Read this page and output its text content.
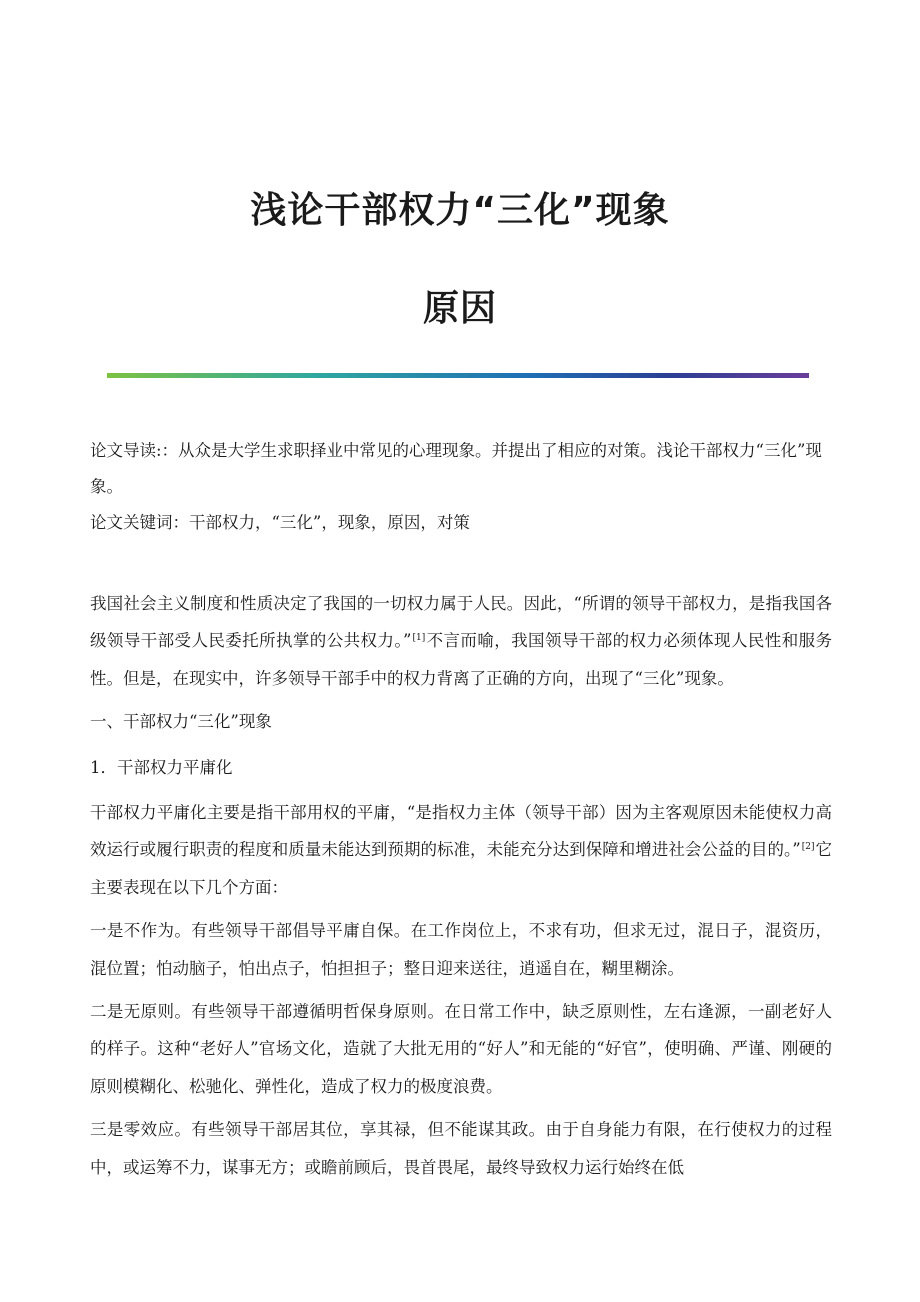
浅论干部权力“三化”现象
原因

论文导读:：从众是大学生求职择业中常见的心理现象。并提出了相应的对策。浅论干部权力“三化”现象。

论文关键词：干部权力，“三化”，现象，原因，对策

我国社会主义制度和性质决定了我国的一切权力属于人民。因此，“所谓的领导干部权力，是指我国各级领导干部受人民委托所执掌的公共权力。”[1]不言而喻，我国领导干部的权力必须体现人民性和服务性。但是，在现实中，许多领导干部手中的权力背离了正确的方向，出现了“三化”现象。

一、干部权力“三化”现象

1．干部权力平庸化

干部权力平庸化主要是指干部用权的平庸，“是指权力主体（领导干部）因为主客观原因未能使权力高效运行或履行职责的程度和质量未能达到预期的标准，未能充分达到保障和增进社会公益的目的。”[2]它主要表现在以下几个方面：

一是不作为。有些领导干部倡导平庸自保。在工作岗位上，不求有功，但求无过，混日子，混资历，混位置；怕动脑子，怕出点子，怕担担子；整日迎来送往，逍遥自在，糊里糊涂。

二是无原则。有些领导干部遵循明哲保身原则。在日常工作中，缺乏原则性，左右逢源，一副老好人的样子。这种“老好人”官场文化，造就了大批无用的“好人”和无能的“好官”，使明确、严谨、刚硬的原则模糊化、松驰化、弹性化，造成了权力的极度浪费。

三是零效应。有些领导干部居其位，享其禄，但不能谋其政。由于自身能力有限，在行使权力的过程中，或运筹不力，谋事无方；或瞻前顾后，畏首畏尾，最终导致权力运行始终在低
